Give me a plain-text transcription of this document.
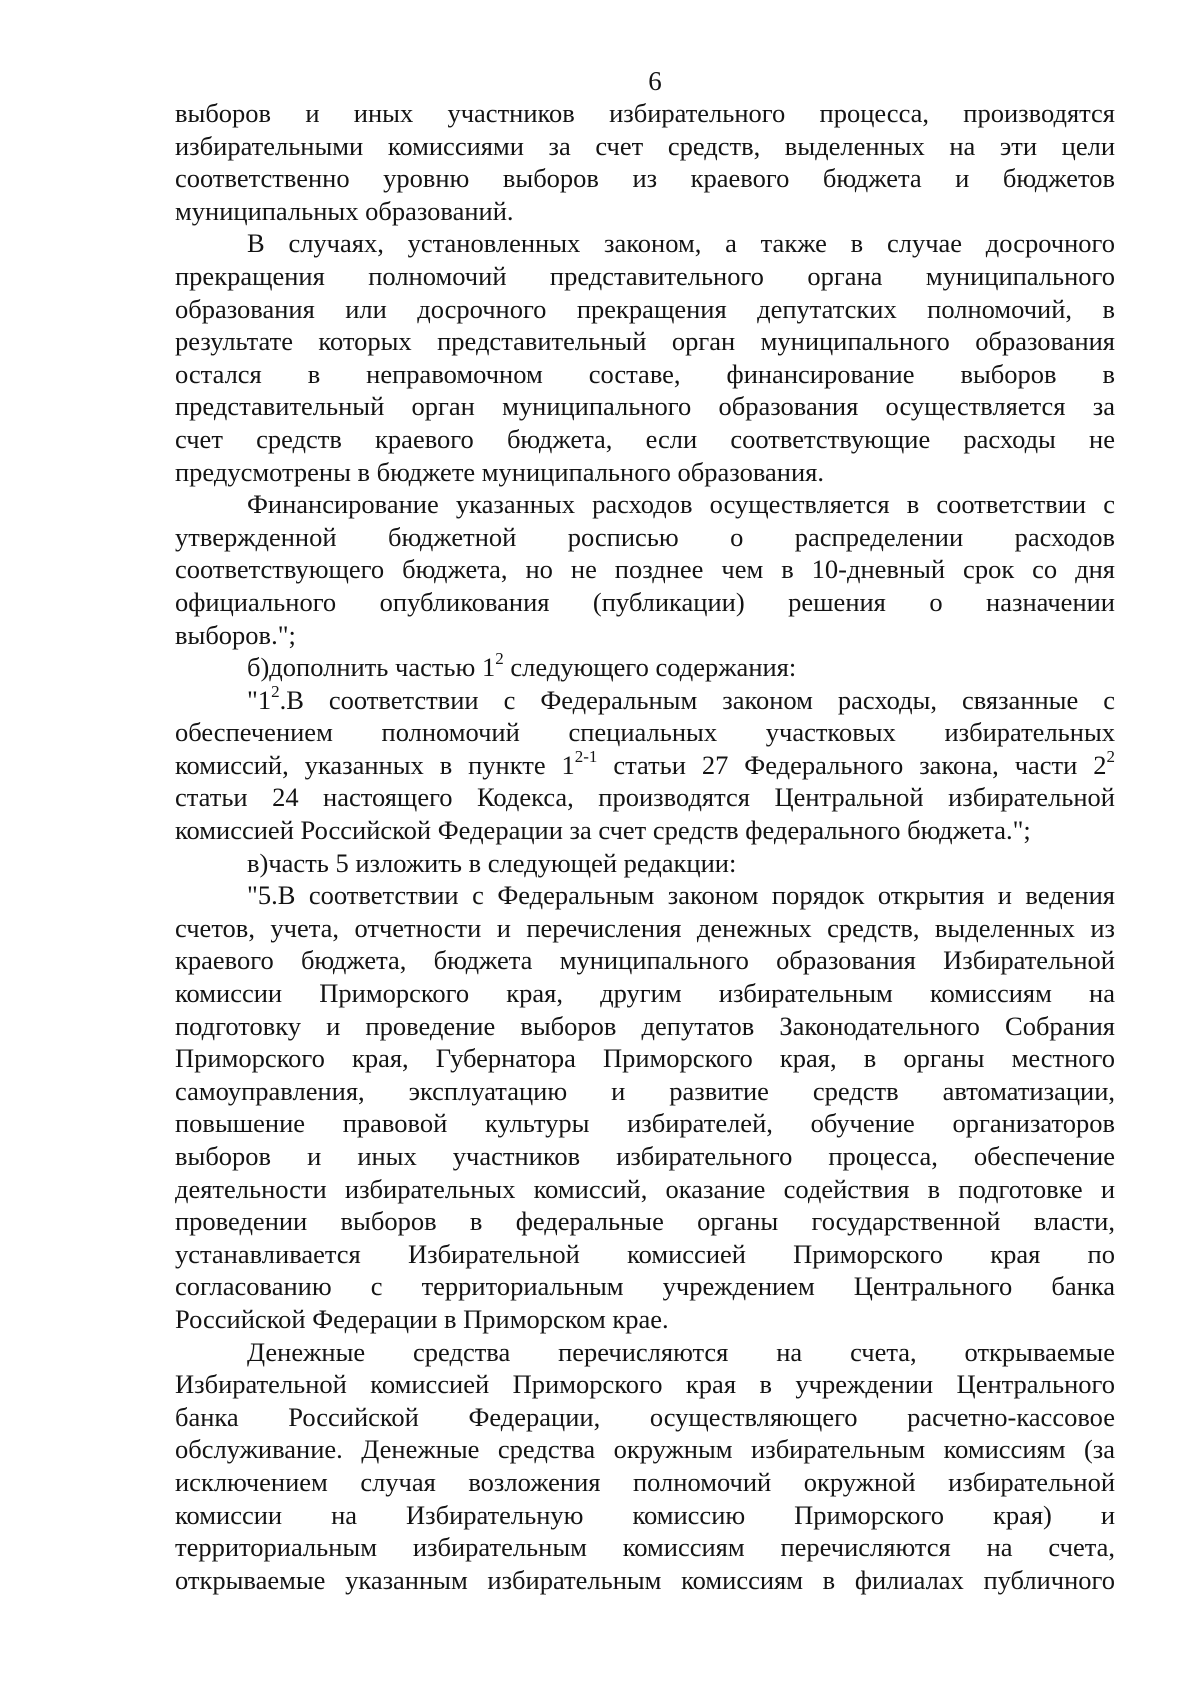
6
выборов и иных участников избирательного процесса, производятся
избирательными комиссиями за счет средств, выделенных на эти цели
соответственно уровню выборов из краевого бюджета и бюджетов
муниципальных образований.
В случаях, установленных законом, а также в случае досрочного
прекращения полномочий представительного органа муниципального
образования или досрочного прекращения депутатских полномочий, в
результате которых представительный орган муниципального образования
остался в неправомочном составе, финансирование выборов в
представительный орган муниципального образования осуществляется за
счет средств краевого бюджета, если соответствующие расходы не
предусмотрены в бюджете муниципального образования.
Финансирование указанных расходов осуществляется в соответствии с
утвержденной бюджетной росписью о распределении расходов
соответствующего бюджета, но не позднее чем в 10-дневный срок со дня
официального опубликования (публикации) решения о назначении
выборов.";
б)дополнить частью $1^2$ следующего содержания:
"$1^2.В$ соответствии с Федеральным законом расходы, связанные с
обеспечением полномочий специальных участковых избирательных
комиссий, указанных в пункте 1$^{2-1}$ статьи 27 Федерального закона, части $2^2$
статьи 24 настоящего Кодекса, производятся Центральной избирательной
комиссией Российской Федерации за счет средств федерального бюджета.";
в)часть 5 изложить в следующей редакции:
"5.В соответствии с Федеральным законом порядок открытия и ведения
счетов, учета, отчетности и перечисления денежных средств, выделенных из
краевого бюджета, бюджета муниципального образования Избирательной
комиссии Приморского края, другим избирательным комиссиям на
подготовку и проведение выборов депутатов Законодательного Собрания
Приморского края, Губернатора Приморского края, в органы местного
самоуправления, эксплуатацию и развитие средств автоматизации,
повышение правовой культуры избирателей, обучение организаторов
выборов и иных участников избирательного процесса, обеспечение
деятельности избирательных комиссий, оказание содействия в подготовке и
проведении выборов в федеральные органы государственной власти,
устанавливается Избирательной комиссией Приморского края по
согласованию с территориальным учреждением Центрального банка
Российской Федерации в Приморском крае.
Денежные средства перечисляются на счета, открываемые
Избирательной комиссией Приморского края в учреждении Центрального
банка Российской Федерации, осуществляющего расчетно-кассовое
обслуживание. Денежные средства окружным избирательным комиссиям (за
исключением случая возложения полномочий окружной избирательной
комиссии на Избирательную комиссию Приморского края) и
территориальным избирательным комиссиям перечисляются на счета,
открываемые указанным избирательным комиссиям в филиалах публичного
